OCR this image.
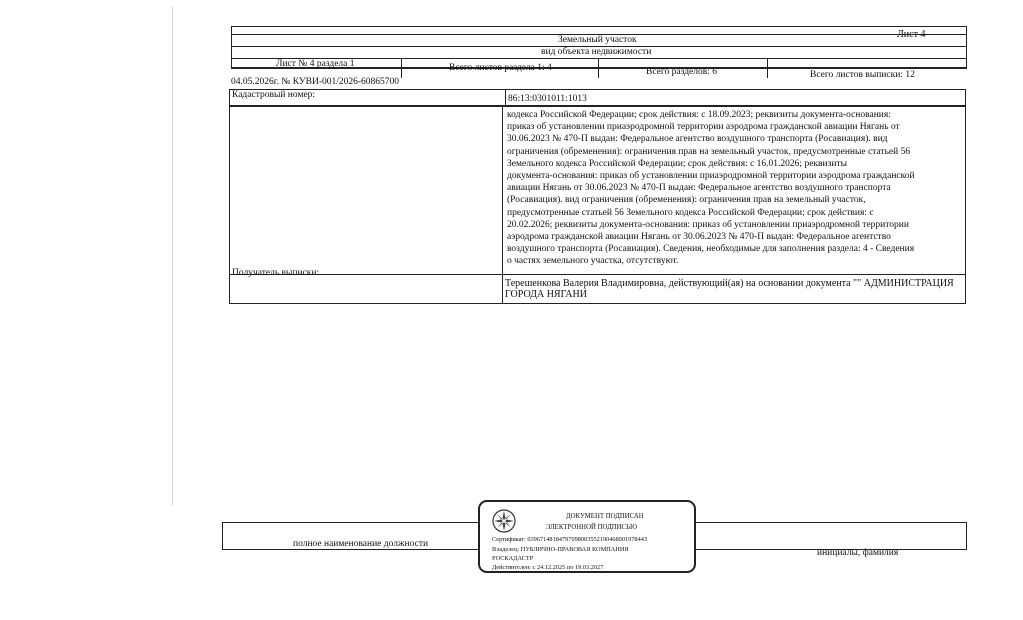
Земельный участок
вид объекта недвижимости
Лист № 4 раздела 1	Всего листов раздела 1: 4	Всего разделов: 6	Всего листов выписки: 12
04.05.2026г. № КУВИ-001/2026-60865700
Кадастровый номер:	86:13:0301011:1013
кодекса Российской Федерации; срок действия: с 18.09.2023; реквизиты документа-основания:
приказ об установлении приаэродромной территории аэродрома гражданской авиации Нягань от
30.06.2023 № 470-П выдан: Федеральное агентство воздушного транспорта (Росавиация). вид
ограничения (обременения): ограничения прав на земельный участок, предусмотренные статьей 56
Земельного кодекса Российской Федерации; срок действия: с 16.01.2026; реквизиты
документа-основания: приказ об установлении приаэродромной территории аэродрома гражданской
авиации Нягань от 30.06.2023 № 470-П выдан: Федеральное агентство воздушного транспорта
(Росавиация). вид ограничения (обременения): ограничения прав на земельный участок,
предусмотренные статьей 56 Земельного кодекса Российской Федерации; срок действия: с
20.02.2026; реквизиты документа-основания: приказ об установлении приаэродромной территории
аэродрома гражданской авиации Нягань от 30.06.2023 № 470-П выдан: Федеральное агентство
воздушного транспорта (Росавиация). Сведения, необходимые для заполнения раздела: 4 - Сведения
о частях земельного участка, отсутствуют.
Получатель выписки:
Терешенкова Валерия Владимировна, действующий(ая) на основании документа "" АДМИНИСТРАЦИЯ
ГОРОДА НЯГАНИ
полное наименование должности
инициалы, фамилия
ДОКУМЕНТ ПОДПИСАН
ЭЛЕКТРОННОЙ ПОДПИСЬЮ
Сертификат: 0396714818479709800355219046800197844З
Владелец: ПУБЛИЧНО-ПРАВОВАЯ КОМПАНИЯ
РОСКАДАСТР
Действителен: с 24.12.2025 по 19.03.2027
